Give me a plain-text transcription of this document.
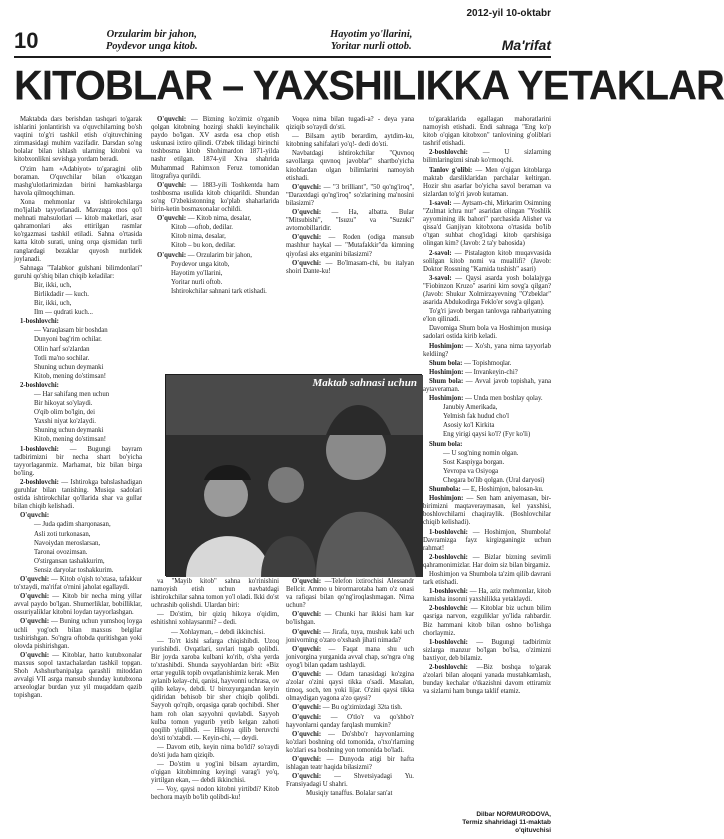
2012-yil 10-oktabr
10	Orzularim bir jahon,
Poydevor unga kitob.
Hayotim yo'llarini,
Yoritar nurli ottob.	Ma'rifat
KITOBLAR – YAXSHILIKKA YETAKLAR

Maktabda dars berishdan tashqari to'garak ishlarini jonlantirish va o'quvchilarning bo'sh vaqtini to'g'ri tashkil etish o'qituvchining zimmasidagi muhim vazifadir. Darsdan so'ng bolalar bilan ishlash ularning kitobni va kitobxonlikni sevishga yordam beradi.

O'zim ham «Adabiyot» to'garagini olib boraman. O'quvchilar bilan o'tkazgan mashg'ulotlarimizdan birini hamkasblarga havola qilmoqchiman.

Xona mehmonlar va ishtirokchilarga mo'ljallab tayyorlanadi. Mavzuga mos qo'l mehnati mahsulotlari — kitob maketlari, asar qahramonlari aks ettirilgan rasmlar ko'rgazmasi tashkil etiladi. Sahna o'rtasida katta kitob surati, uning orqa qismidan turli ranglardagi bezaklar quyosh nurlidek joylanadi.

Sahnaga "Talabkor gulshani bilimdonlari" guruhi qo'shiq bilan chiqib keladilar:

Bir, ikki, uch,

Birlikdadir — kuch.

Bir, ikki, uch,

Ilm — qudrati kuch...

1-boshlovchi:

— Varaqlasam bir boshdan

Dunyoni bag'rim ochilar.

Ollin harf so'zlardan

Totli ma'no sochilar.

Shuning uchun deymanki

Kitob, mening do'stimsan!

2-boshlovchi:

— Har sahifang men uchun

Bir hikoyat so'ylaydi.

O'qib olim bo'lgin, dei

Yaxshi niyat ko'zlaydi.

Shuning uchun deymanki

Kitob, mening do'stimsan!

1-boshlovchi: — Bugungi bayram tadbirimizni bir necha shart bo'yicha tayyorlaganmiz. Marhamat, biz bilan birga bo'ling.

2-boshlovchi: — Ishtirokga bahslashadigan guruhlar bilan tanishing. Musiqa sadolari ostida ishtirokchilar qo'llarida shar va gullar bilan chiqib kelishadi.

O'quvchi:

— Juda qadim sharqonasan,

Asli zoti turkonasan,

Navoiydan meroslarsan,

Taronai ovozimsan.

O'stirgansan tashakkurim,

Sensiz daryolar toshakkurim.

O'quvchi: — Kitob o'qish to'xtasa, tafakkur to'xtaydi, ma'rifat o'rnini jaholat egallaydi.

O'quvchi: — Kitob bir necha ming yillar avval paydo bo'lgan. Shumerliklar, bobilliklar, ossuriyaliklar kitobni loydan tayyorlashgan.

O'quvchi: — Buning uchun yumshoq loyga uchli yog'och bilan maxsus belgilar tushirishgan. So'ngra oftobda quritishgan yoki olovda pishirishgan.

O'quvchi: — Kitoblar, hatto kutubxonalar maxsus sopol taxtachalardan tashkil topgan. Shoh Ashshurbanipalga qarashli mitoddan avvalgi VII asrga mansub shunday kutubxona arxeologlar burdan yuz yil muqaddam qazib topishgan.

O'quvchi: — Bizning ko'zimiz o'rganib qolgan kitobning hozirgi shakli keyinchalik paydo bo'lgan. XV asrda esa chop etish uskunasi ixtiro qilindi. O'zbek tilidagi birinchi toshbosma kitob Shohimardon 1871-yilda nashr etilgan. 1874-yil Xiva shahrida Muhammad Rahimxon Feruz tomonidan litografiya qurildi.

O'quvchi: — 1883-yili Toshkentda ham toshbosma usulida kitob chiqarildi. Shundan so'ng O'zbekistonning ko'plab shaharlarida birin-ketin bosmaxonalar ochildi.

O'quvchi: — Kitob nima, desalar,

Kitob —oftob, dedilar.

Kitob nima, desalar,

Kitob – bu kon, dedilar.

O'quvchi: — Orzularim bir jahon,

Poydevor unga kitob,

Hayotim yo'llarini,

Yoritar nurli oftob.

Ishtirokchilar sahnani tark etishadi.

Voqea nima bilan tugadi-a? - deya yana qiziqib so'raydi do'sti.

— Bilsam aytib berardim, aytdim-ku, kitobning sahifalari yo'q!- dedi do'sti.

Navbatdagi ishtirokchilar "Quvnoq savollarga quvnoq javoblar" shartbo'yicha kitoblardan olgan bilimlarini namoyish etishadi.

O'quvchi: — "3 brilliant", "50 qo'ng'iroq", "Daraxtdagi qo'ng'iroq" so'zlarining ma'nosini bilasizmi?

O'quvchi: — Ha, albatta. Bular "Mitsubishi", "Isuzu" va "Suzuki" avtomobillaridir.

O'quvchi: — Roden (odiga mansub mashhur haykal — "Mutafakkir"da kimning qiyofasi aks etganini bilasizmi?

O'quvchi: — Bo'lmasam-chi, bu italyan shoiri Dante-ku!

to'garaklarida egallagan mahoratlarini namoyish etishadi. Endi sahnaga "Eng ko'p kitob o'qigan kitobxon" tanlovining g'oliblari tashrif etishadi.

2-boshlovchi: — U sizlarning bilimlaringizni sinab ko'rmoqchi.

Tanlov g'olibi: — Men o'qigan kitoblarga maktab darsliklaridan parchalar keltirgan. Hozir shu asarlar bo'yicha savol beraman va sizlardan to'g'ri javob kutaman.

1-savol: — Aytsam-chi, Mirkarim Osimning "Zulmat ichra nur" asaridan olingan "Yoshlik ayyomining ilk bahori" parchasida Alisher va qissa'd Ganjiyan kitobxona o'rtasida bo'lib o'tgan suhbat chog'idagi kitob qarshisiga olingan kim? (Javob: 2 ta'y bahosida)

2-savol: — Pistalagton kitob muqavvasida solilgan kitob nomi va muallifi? (Javob: Doktor Rossning "Kamida tushish" asari)

3-savol: — Qaysi asarda yosh bolalajyga "Fiobinzon Kruzo" asarini kim sovg'a qilgan? (Javob: Shukur Xolmirzayevning "O'zbeklar" asarida Abdukodirga Feklo'er sovg'a qilgan).

To'g'ri javob bergan tanlovga rahbariyatning e'lon qilinadi.

Davomiga Shum bola va Hoshimjon musiqa sadolari ostida kirib keladi.

Hoshimjon: — Xo'sh, yana nima tayyorlab keldiing?

Shum bola: — Topishmoqlar.

Hoshimjon: — Invankeyin-chi?

Shum bola: — Avval javob topishah, yana aytaveraman.

Hoshimjon: — Unda men boshlay qolay.

Janubiy Amerikada,

Yelmish fak hudud cho'l

Asosiy ko'l Kirkita

Eng yirigi qaysi ko'l? (Fyr ko'li)

Shum bola:

— U sog'ning nomin olgan.

Sost Kaspiyga borgan.

Yevropa va Osiyoga

Chegara bo'lib qolgan. (Ural daryosi)

Shumbola: — E, Hoshimjon, balosan-ku.

Hoshimjon: — Sen ham aniyemasan, bir-birimizni maqtaveraymasan, kel yaxshisi, boshlovchilarni chaqiraylik. (Boshlovchilar chiqib kelishadi).

1-boshlovchi: — Hoshimjon, Shumbola! Davramizga fayz kirgizganingiz uchun rahmat!

2-boshlovchi: — Bizlar bizning sevimli qahramonimizlar. Har doim siz bilan birgamiz.

Hoshimjon va Shumbola ta'zim qilib davrani tark etishadi.

1-boshlovchi: — Ha, aziz mehmonlar, kitob kamisha insonni yaxshilikka yetaklaydi.

2-boshlovchi: — Kitoblar biz uchun bilim qasriga narvon, ezguliklar yo'lida rahbardir. Biz hammani kitob bilan oshno bo'lishga chorlaymiz.

1-boshlovchi: — Bugungi tadbirimiz sizlarga manzur bo'lgan bo'lsa, o'zimizni baxtiyor, deb bilamiz.

2-boshlovchi: —Biz boshqa to'garak a'zolari bilan aloqani yanada mustahkamlash, bunday kechalar o'tkazishni davom ettiramiz va sizlarni ham bunga taklif etamiz.

va "Mayib kitob" sahna ko'rinishini namoyish etish uchun navbatdagi ishtirokchilar sahna tomon yo'l oladi. Ikki do'st uchrashib qolishdi. Ulardan biri:

— Do'stim, bir qiziq hikoya o'qidim, eshitishni xohlaysanmi? – dedi.

— Xohlayman, – debdi ikkinchisi.

— To'rt kishi safarga chiqishibdi. Uzoq yurishibdi. Ovqatlari, suvlari tugab qolibdi. Bir joyda xaroba kulbani ko'rib, o'sha yerda to'xtashibdi. Shunda sayyohlardan biri: «Biz ertar yegulik topib ovqatlanishimiz kerak. Men aylanib kelay-chi, qanisi, hayvonni uchrasa, ov qilib kelay», debdi. U birozyurgandan keyin qidiridan behisob bir sher chiqib qolibdi. Sayyoh qo'rqib, orqasiga qarab qochibdi. Sher ham roh olan sayyohni quvlabdi. Sayyoh kulba tomon yugurib yetib kelgan zahoti qoqilib yiqilibdi. — Hikoya qilib beruvchi do'sti to'xtabdi. — Keyin-chi, — deydi.

— Davom etib, keyin nima bo'ldi? so'raydi do'sti juda ham qiziqib.

— Do'stim u yog'ini bilsam aytardim, o'qigan kitobimning keyingi varag'i yo'q, yirtilgan ekan, — debdi ikkinchisi.

— Voy, qaysi nodon kitobni yirtibdi? Kitob bechora mayib bo'lib qolibdi-ku!

O'quvchi: —Telefon ixtirochisi Alessandr Bellcir. Ammo u birormarotaba ham o'z onasi va rafiqasi bilan qo'ng'iroqlashmagan. Nima uchun?

O'quvchi: — Chunki har ikkisi ham kar bo'lishgan.

O'quvchi: — Jirafa, tuya, mushuk kabi uch jonivorning o'zaro o'xshash jihati nimada?

O'quvchi: — Faqat mana shu uch jonivorgina yurganida avval chap, so'ngra o'ng oyog'i bilan qadam tashlaydi.

O'quvchi: — Odam tanasidagi ko'zgina a'zolar o'zini qaysi tikka o'sadi. Masalan, timoq, soch, ten yoki lijar. O'zini qaysi tikka olmaydigan yagona a'zo qaysi?

O'quvchi: — Bu og'zimizdagi 32ta tish.

O'quvchi: — O'tlo'r va qo'shbo'r hayvonlarni qanday farqlash mumkin?

O'quvchi: — Do'shbo'r hayvonlarning ko'zlari boshning old tomonida, o'txo'rlarning ko'zlari esa boshning yon tomonida bo'ladi.

O'quvchi: — Dunyoda atigi bir hafta ishlagan teatr haqida bilasizmi?

O'quvchi: — Shvetsiyadagi Yu. Fransiyadagi U shahri.

Musiqiy tanaffus. Bolalar san'at

Maktab sahnasi uchun
Dilbar NORMURODOVA,
Termiz shahridagi 11-maktab
o'qituvchisi
